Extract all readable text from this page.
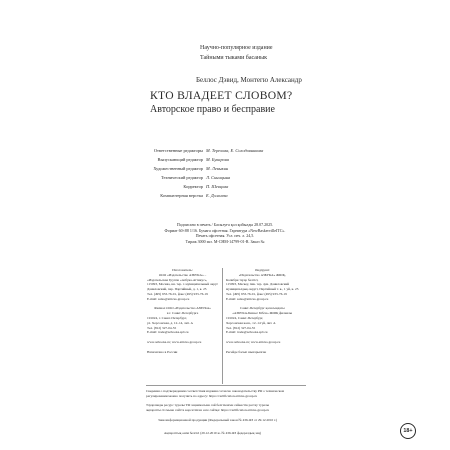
Научно-популярное издание
Тайными тыками басанык
Беллос Дэвид, Монтегю Александр
КТО ВЛАДЕЕТ СЛОВОМ?
Авторское право и бесправие
Ответственные редакторы М. Терехова, Е. Солодовникова
Выпускающий редактор М. Букарова
Художественный редактор М. Левыкин
Технический редактор Л. Синицына
Корректор П. Шевцова
Компьютерная верстка Е. Долгиева
Подписано в печать / Басылуға қол қойылды 28.07.2025.
Формат 60×88 1/16. Бумага офсетная. Гарнитура «NewBaskervilleITC».
Печать офсетная. Усл. печ. л. 24,5.
Тираж 3000 экз. М-СНМ-14799-01-R. Заказ №
Изготовитель:
ООО «Издательство АЗБУКА» –
«Издательская Группа «Азбука-Аттикус»,
115093, Москва, вн. тер. г. муниципальный округ
Даниловский, пер. Партийный, д. 1, к. 25
Тел. (495) 933-76-01, факс (495) 933-76-19
E-mail: sales@atticus-group.ru

Филиал ООО «Издательство АЗБУКА»
в г. Санкт-Петербурге
191024, г. Санкт-Петербург,
ул. Херсонская, д. 12–14, лит. А
Тел. (812) 327-04-55
E-mail: trade@azbooka.spb.ru

www.azbooka.ru; www.atticus-group.ru

Напечатано в России
Өндіруші:
«Издательство АЗБУКА» ЖШҚ,
Колибри тауар белгісі,
115093, Мәскеу, ішк. тер. аум. Даниловский
муниципалдық округі, Партийный т. к., 1 уй, к. 25
Тел. (495) 933-76-01, факс (495) 933-76-19
E-mail: sales@atticus-group.ru

Санкт-Петербург қаласындағы
«АЗБУКА-Бизнес Бібсн» ЖШҚ филиалы
191024, Санкт-Петербург,
Херсонская көш., 12–14 үй, лит. А
Тел. (812) 327-04-55
E-mail: trade@azbooka.spb.ru

www.azbooka.ru; www.atticus-group.ru

Ресейде басып шығарылған
Сведения о подтверждении соответствия издания согласно законодательству РФ о техническом регулировании можно получить по адресу: https://certification.atticus-group.ru
Тауарланды ресурс туралы ТФ заңнамасына сай белгіленген сәйкестік растау туралы
ақпаратты сіз мына сайтта көрсетілген өзге сайтқа: https://certification.atticus-group.ru
Знак информационной продукции (Федеральный закон № 436-ФЗ от 29.12.2010 г.)
Ақпараттық өнім белгісі (29.12.2010 ж. № 436-ФЗ федералдық заң)	18+
